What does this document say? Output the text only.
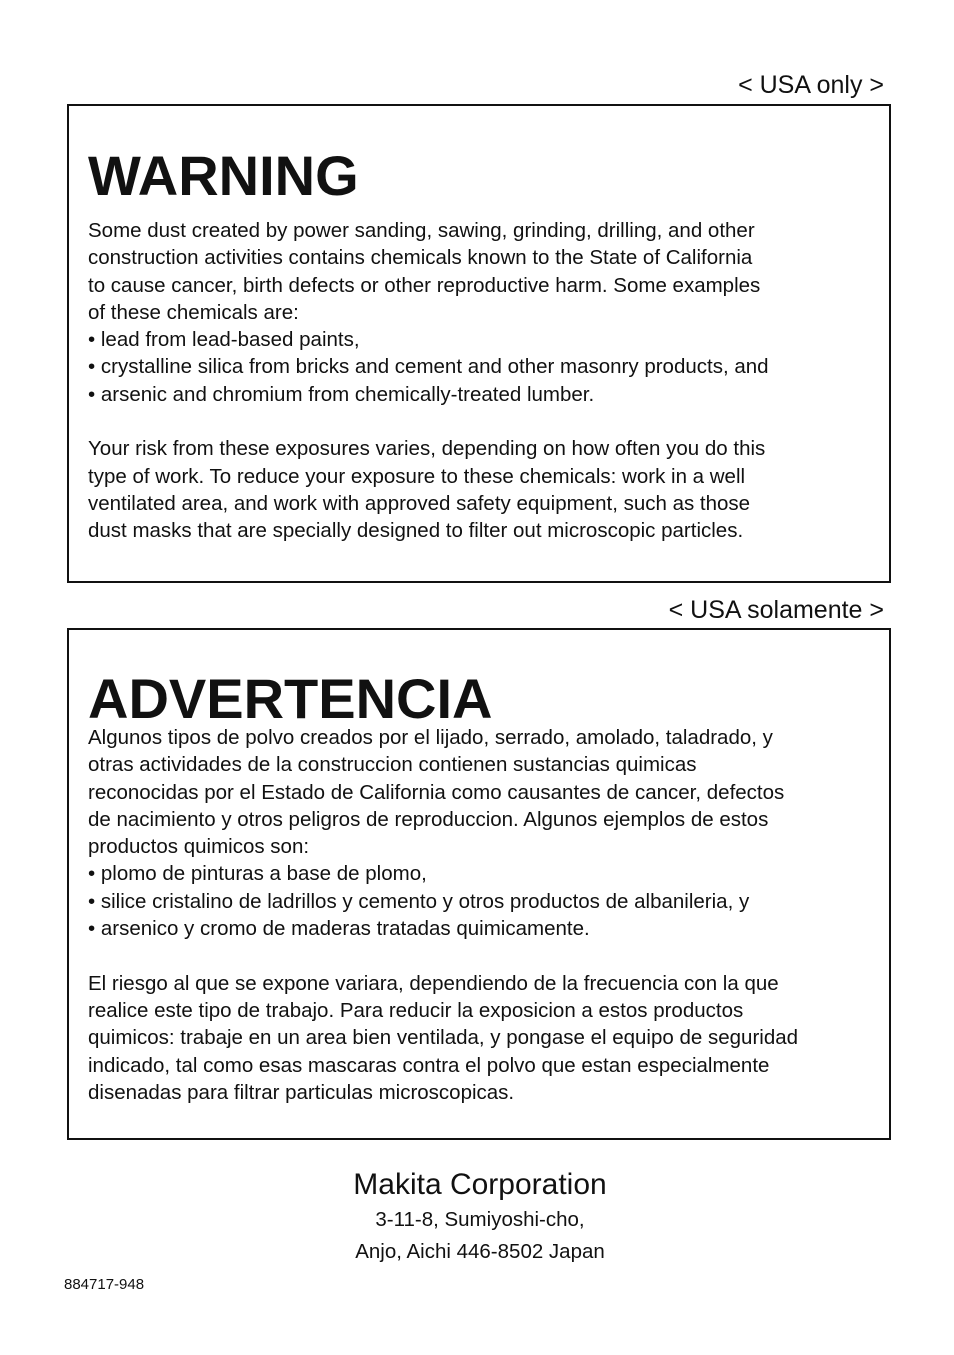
< USA only >
WARNING

Some dust created by power sanding, sawing, grinding, drilling, and other

construction activities contains chemicals known to the State of California

to cause cancer, birth defects or other reproductive harm. Some examples

of these chemicals are:

• lead from lead-based paints,

• crystalline silica from bricks and cement and other masonry products, and

• arsenic and chromium from chemically-treated lumber.

Your risk from these exposures varies, depending on how often you do this

type of work. To reduce your exposure to these chemicals: work in a well

ventilated area, and work with approved safety equipment, such as those

dust masks that are specially designed to filter out microscopic particles.

< USA solamente >
ADVERTENCIA

Algunos tipos de polvo creados por el lijado, serrado, amolado, taladrado, y

otras actividades de la construccion contienen sustancias quimicas

reconocidas por el Estado de California como causantes de cancer, defectos

de nacimiento y otros peligros de reproduccion. Algunos ejemplos de estos

productos quimicos son:

• plomo de pinturas a base de plomo,

• silice cristalino de ladrillos y cemento y otros productos de albanileria, y

• arsenico y cromo de maderas tratadas quimicamente.

El riesgo al que se expone variara, dependiendo de la frecuencia con la que

realice este tipo de trabajo. Para reducir la exposicion a estos productos

quimicos: trabaje en un area bien ventilada, y pongase el equipo de seguridad

indicado, tal como esas mascaras contra el polvo que estan especialmente

disenadas para filtrar particulas microscopicas.

Makita Corporation
3-11-8, Sumiyoshi-cho,
Anjo, Aichi 446-8502 Japan
884717-948
